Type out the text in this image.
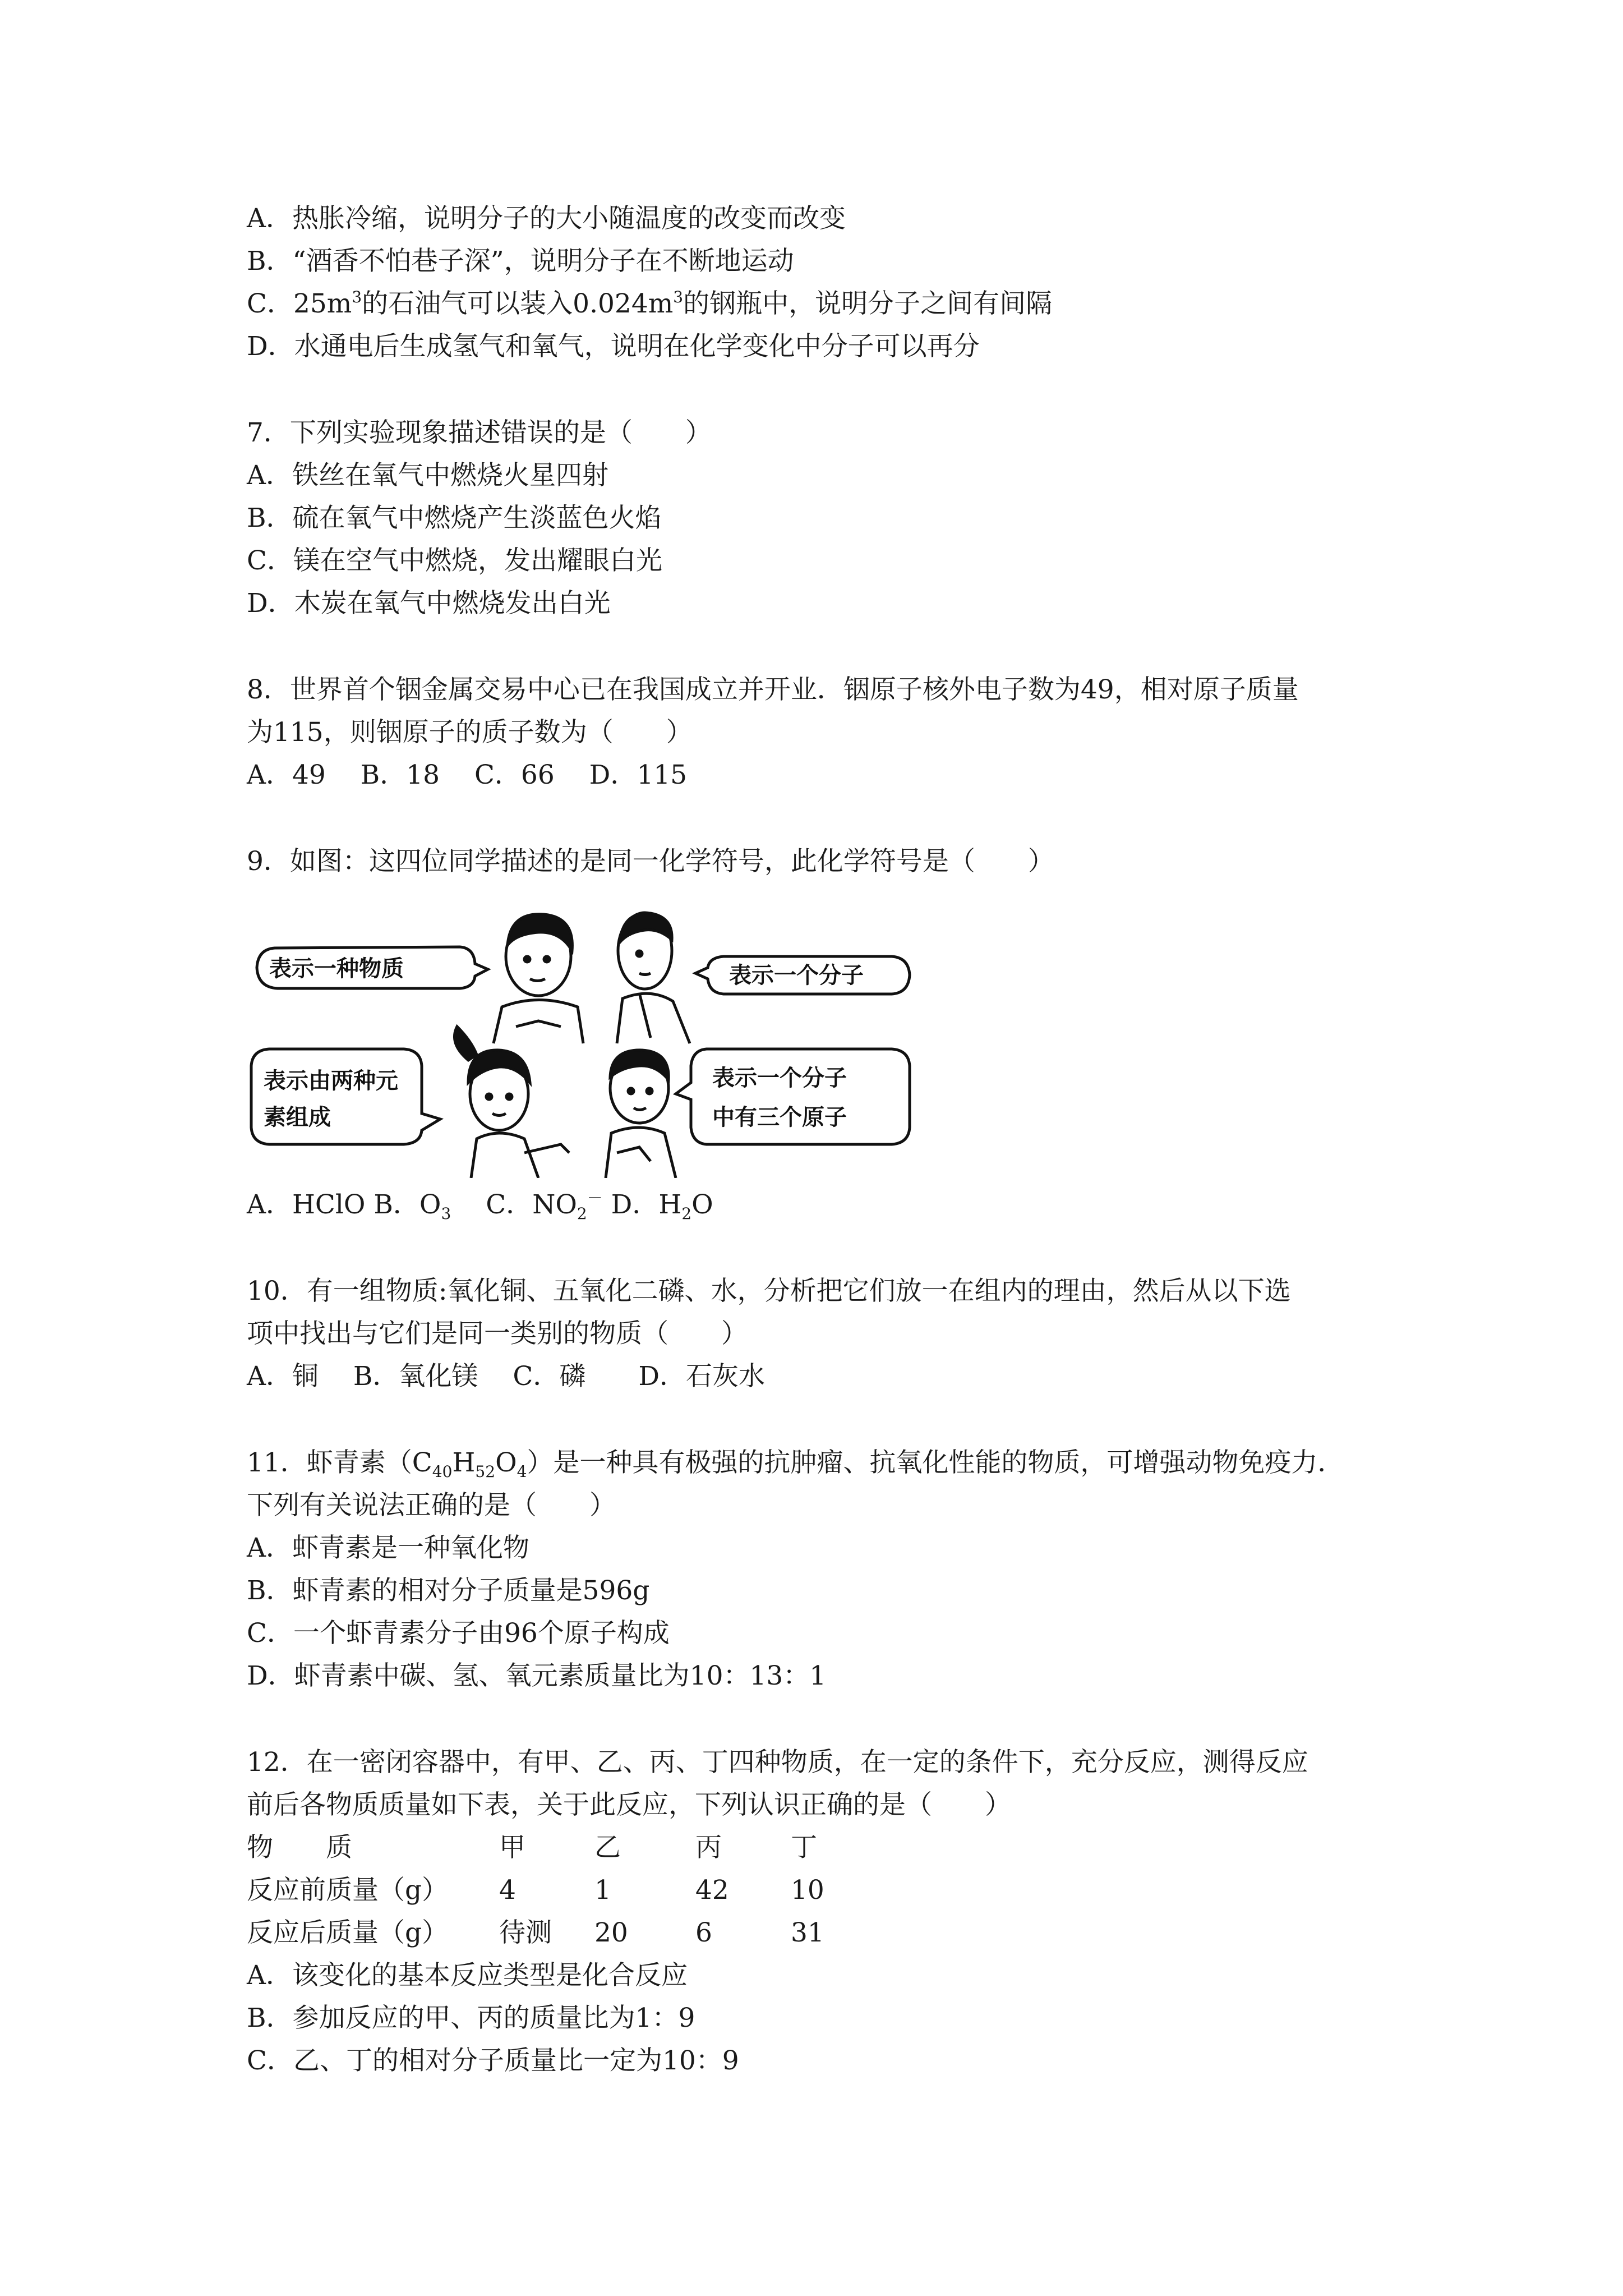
A．热胀冷缩，说明分子的大小随温度的改变而改变
B．“酒香不怕巷子深”，说明分子在不断地运动
C．$25m^3$的石油气可以装入$0.024m^3$的钢瓶中，说明分子之间有间隔
D．水通电后生成氢气和氧气，说明在化学变化中分子可以再分
7．下列实验现象描述错误的是（　　）
A．铁丝在氧气中燃烧火星四射
B．硫在氧气中燃烧产生淡蓝色火焰
C．镁在空气中燃烧，发出耀眼白光
D．木炭在氧气中燃烧发出白光
8．世界首个铟金属交易中心已在我国成立并开业．铟原子核外电子数为49，相对原子质量
为115，则铟原子的质子数为（　　）
A．49　 B．18　 C．66　 D．115
9．如图：这四位同学描述的是同一化学符号，此化学符号是（　　）
表示一种物质	表示一个分子
表示由两种元
素组成
表示一个分子
中有三个原子
A．HClO B．$O_3$　 C．$NO_2^-$ D．$H_2O$
10．有一组物质:氧化铜、五氧化二磷、水，分析把它们放一在组内的理由，然后从以下选
项中找出与它们是同一类别的物质（　　）
A．铜　 B．氧化镁　 C．磷　　D．石灰水
11．虾青素$(C_{40}H_{52}O_4)$是一种具有极强的抗肿瘤、抗氧化性能的物质，可增强动物免疫力．
下列有关说法正确的是（　　）
A．虾青素是一种氧化物
B．虾青素的相对分子质量是596g
C．一个虾青素分子由96个原子构成
D．虾青素中碳、氢、氧元素质量比为10：13：1
12．在一密闭容器中，有甲、乙、丙、丁四种物质，在一定的条件下，充分反应，测得反应
前后各物质质量如下表，关于此反应，下列认识正确的是（　　）
物　　质	甲	乙	丙	丁
反应前质量（g） 4	1	42 10
反应后质量（g） 待测 20	6	31
A．该变化的基本反应类型是化合反应
B．参加反应的甲、丙的质量比为1：9
C．乙、丁的相对分子质量比一定为10：9
